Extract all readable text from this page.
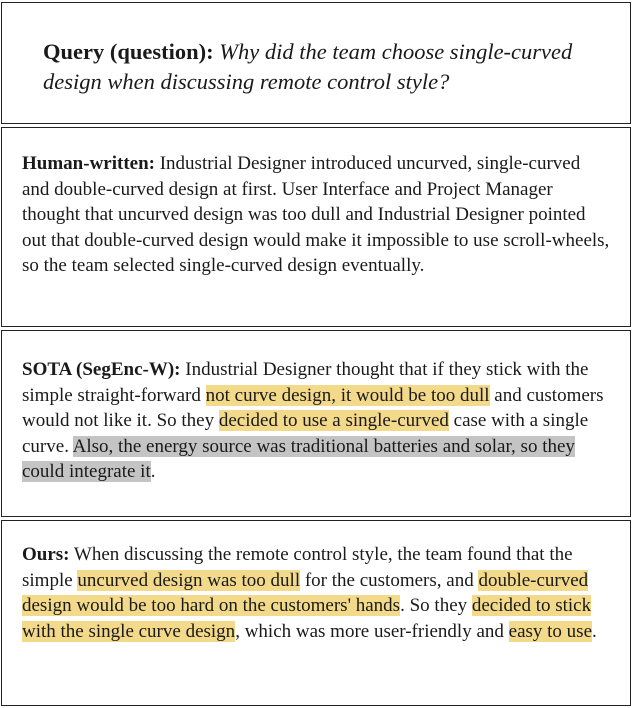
Query (question): Why did the team choose single-curved design when discussing remote control style?
Human-written: Industrial Designer introduced uncurved, single-curved and double-curved design at first. User Interface and Project Manager thought that uncurved design was too dull and Industrial Designer pointed out that double-curved design would make it impossible to use scroll-wheels, so the team selected single-curved design eventually.
SOTA (SegEnc-W): Industrial Designer thought that if they stick with the simple straight-forward not curve design, it would be too dull and customers would not like it. So they decided to use a single-curved case with a single curve. Also, the energy source was traditional batteries and solar, so they could integrate it.
Ours: When discussing the remote control style, the team found that the simple uncurved design was too dull for the customers, and double-curved design would be too hard on the customers' hands. So they decided to stick with the single curve design, which was more user-friendly and easy to use.
